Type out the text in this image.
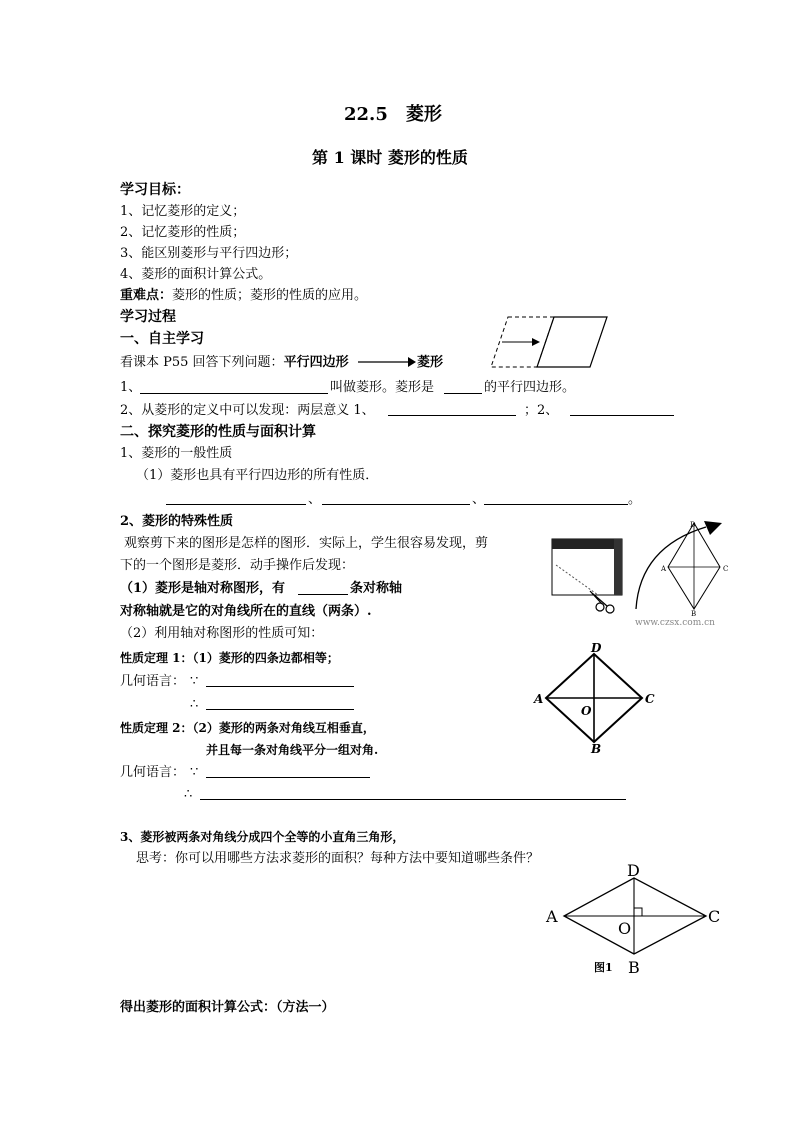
22.5　菱形
第 1 课时 菱形的性质
学习目标：
1、记忆菱形的定义；
2、记忆菱形的性质；
3、能区别菱形与平行四边形；
4、菱形的面积计算公式。
重难点：菱形的性质；菱形的性质的应用。
学习过程
一、自主学习
看课本 P55 回答下列问题：平行四边形	菱形
1、	叫做菱形。菱形是	的平行四边形。
2、从菱形的定义中可以发现：两层意义 1、	；2、
二、探究菱形的性质与面积计算
1、菱形的一般性质
（1）菱形也具有平行四边形的所有性质．
、	、	。
2、菱形的特殊性质
观察剪下来的图形是怎样的图形．实际上，学生很容易发现，剪
下的一个图形是菱形．动手操作后发现：
（1）菱形是轴对称图形，有	条对称轴
对称轴就是它的对角线所在的直线（两条）.
（2）利用轴对称图形的性质可知：
性质定理 1：（1）菱形的四条边都相等；
几何语言： ∵
∴
性质定理 2：（2）菱形的两条对角线互相垂直，
并且每一条对角线平分一组对角.
几何语言： ∵
∴
3、菱形被两条对角线分成四个全等的小直角三角形，
思考：你可以用哪些方法求菱形的面积？每种方法中要知道哪些条件？
得出菱形的面积计算公式：（方法一）
D
A	C
B
www.czsx.com.cn
D
A
O
C
B
D
A
O
C
B
图1
